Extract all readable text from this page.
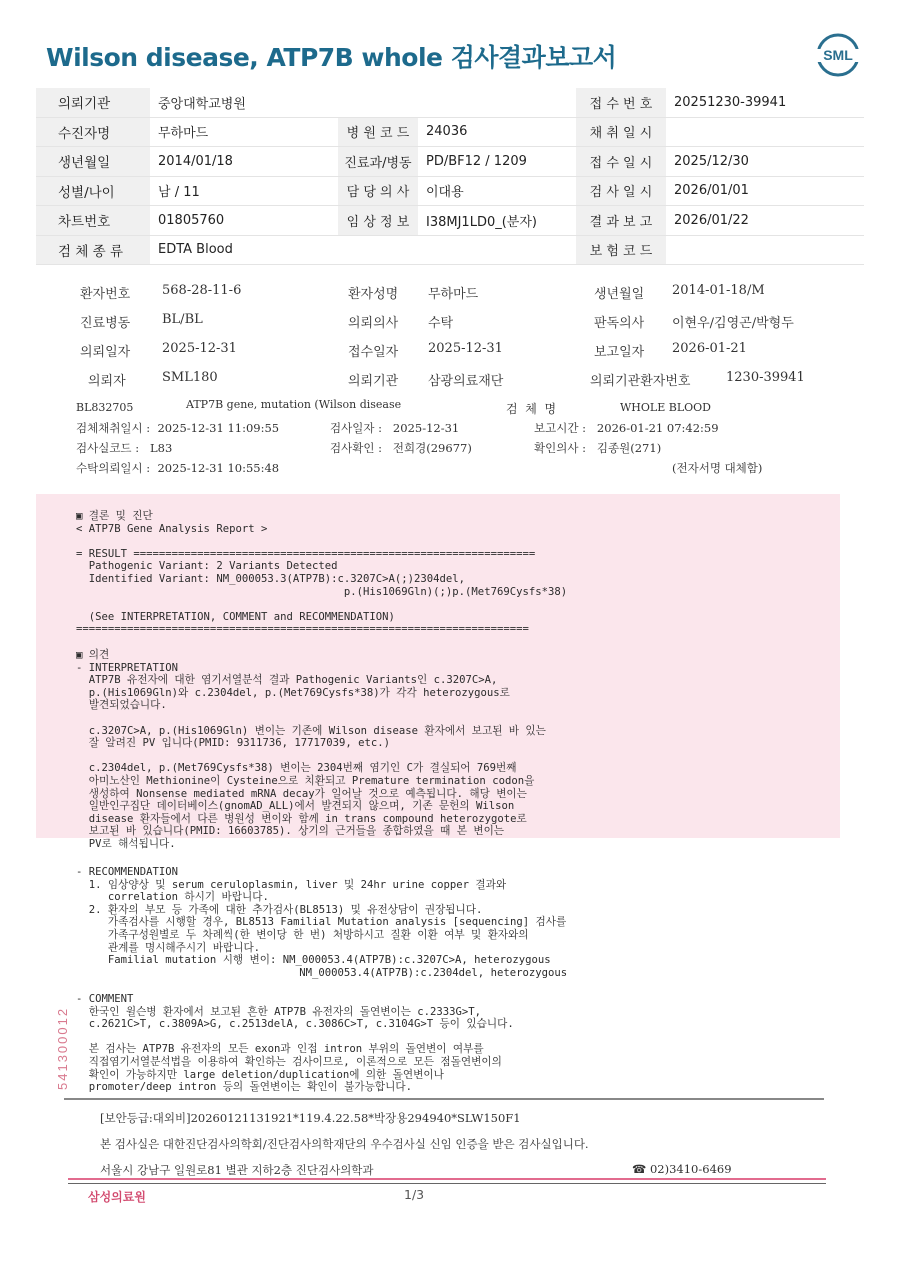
Wilson disease, ATP7B whole 검사결과보고서	SML
의뢰기관	중앙대학교병원			접 수 번 호	20251230-39941
수진자명	무하마드	병 원 코 드	24036	채 취 일 시	
생년월일	2014/01/18	진료과/병동	PD/BF12 / 1209	접 수 일 시	2025/12/30
성별/나이	남 / 11	담 당 의 사	이대용	검 사 일 시	2026/01/01
차트번호	01805760	임 상 정 보	I38MJ1LD0_(분자)	결 과 보 고	2026/01/22
검 체 종 류	EDTA Blood			보 험 코 드	
환자번호 568-28-11-6	환자성명 무하마드	생년월일 2014-01-18/M
진료병동 BL/BL	의뢰의사 수탁	판독의사 이현우/김영곤/박형두
의뢰일자 2025-12-31	접수일자 2025-12-31	보고일자 2026-01-21
의뢰자	SML180	의뢰기관 삼광의료재단	의뢰기관환자번호	1230-39941
BL832705	ATP7B gene, mutation (Wilson disease	검  체  명	WHOLE BLOOD
검체채취일시 :  2025-12-31 11:09:55	검사일자 :   2025-12-31	보고시간 :   2026-01-21 07:42:59
검사실코드 :   L83	검사확인 :   전희경(29677)	확인의사 :   김종원(271)
수탁의뢰일시 :  2025-12-31 10:55:48	(전자서명 대체함)
▣ 결론 및 진단
< ATP7B Gene Analysis Report >

= RESULT ===============================================================
Pathogenic Variant: 2 Variants Detected
Identified Variant: NM_000053.3(ATP7B):c.3207C>A(;)2304del,
p.(His1069Gln)(;)p.(Met769Cysfs*38)

(See INTERPRETATION, COMMENT and RECOMMENDATION)
=======================================================================
▣ 의견
- INTERPRETATION
ATP7B 유전자에 대한 염기서열분석 결과 Pathogenic Variants인 c.3207C>A,
p.(His1069Gln)와 c.2304del, p.(Met769Cysfs*38)가 각각 heterozygous로
발견되었습니다.

c.3207C>A, p.(His1069Gln) 변이는 기존에 Wilson disease 환자에서 보고된 바 있는
잘 알려진 PV 입니다(PMID: 9311736, 17717039, etc.)

c.2304del, p.(Met769Cysfs*38) 변이는 2304번째 염기인 C가 결실되어 769번째
아미노산인 Methionine이 Cysteine으로 치환되고 Premature termination codon을
생성하여 Nonsense mediated mRNA decay가 일어날 것으로 예측됩니다. 해당 변이는
일반인구집단 데이터베이스(gnomAD_ALL)에서 발견되지 않으며, 기존 문헌의 Wilson
disease 환자들에서 다른 병원성 변이와 함께 in trans compound heterozygote로
보고된 바 있습니다(PMID: 16603785). 상기의 근거들을 종합하였을 때 본 변이는
PV로 해석됩니다.
- RECOMMENDATION
1. 임상양상 및 serum ceruloplasmin, liver 및 24hr urine copper 결과와
correlation 하시기 바랍니다.
2. 환자의 부모 등 가족에 대한 추가검사(BL8513) 및 유전상담이 권장됩니다.
가족검사를 시행할 경우, BL8513 Familial Mutation analysis [sequencing] 검사를
가족구성원별로 두 차례씩(한 변이당 한 번) 처방하시고 질환 이환 여부 및 환자와의
관계를 명시해주시기 바랍니다.
Familial mutation 시행 변이: NM_000053.4(ATP7B):c.3207C>A, heterozygous
NM_000053.4(ATP7B):c.2304del, heterozygous
- COMMENT
한국인 윌슨병 환자에서 보고된 흔한 ATP7B 유전자의 돌연변이는 c.2333G>T,
c.2621C>T, c.3809A>G, c.2513delA, c.3086C>T, c.3104G>T 등이 있습니다.

본 검사는 ATP7B 유전자의 모든 exon과 인접 intron 부위의 돌연변이 여부를
직접염기서열분석법을 이용하여 확인하는 검사이므로, 이론적으로 모든 점돌연변이의
확인이 가능하지만 large deletion/duplication에 의한 돌연변이나
promoter/deep intron 등의 돌연변이는 확인이 불가능합니다.
541300012
[보안등급:대외비]20260121131921*119.4.22.58*박장용294940*SLW150F1
본 검사실은 대한진단검사의학회/진단검사의학재단의 우수검사실 신임 인증을 받은 검사실입니다.
서울시 강남구 일원로81 별관 지하2층 진단검사의학과	☎ 02)3410-6469
삼성의료원	1/3
